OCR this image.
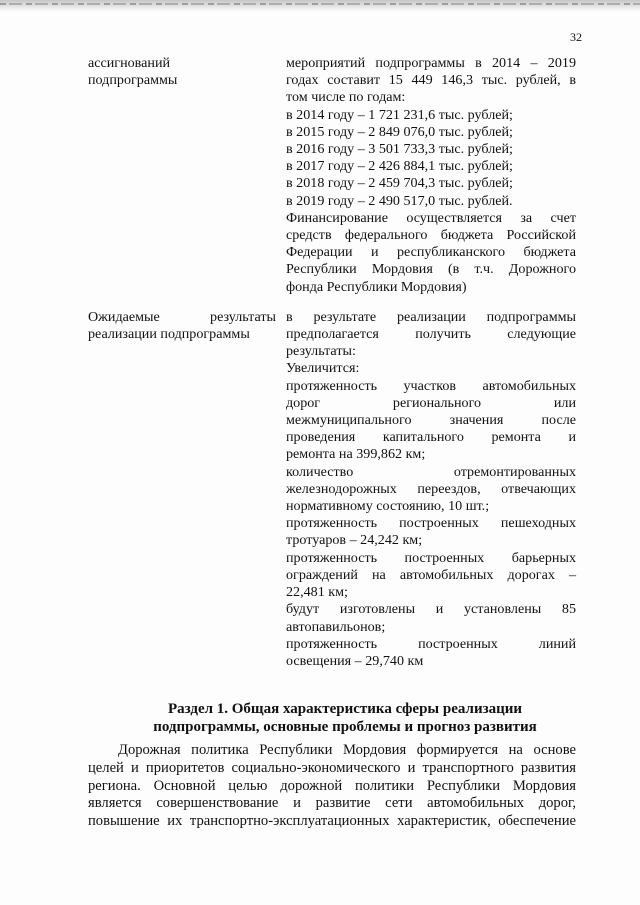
32
ассигнований
подпрограммы
мероприятий подпрограммы в 2014 – 2019
годах составит 15 449 146,3 тыс. рублей, в
том числе по годам:
в 2014 году – 1 721 231,6 тыс. рублей;
в 2015 году – 2 849 076,0 тыс. рублей;
в 2016 году – 3 501 733,3 тыс. рублей;
в 2017 году – 2 426 884,1 тыс. рублей;
в 2018 году – 2 459 704,3 тыс. рублей;
в 2019 году – 2 490 517,0 тыс. рублей.
Финансирование осуществляется за счет
средств федерального бюджета Российской
Федерации и республиканского бюджета
Республики Мордовия (в т.ч. Дорожного
фонда Республики Мордовия)
Ожидаемые результаты
реализации подпрограммы
в результате реализации подпрограммы
предполагается получить следующие
результаты:
Увеличится:
протяженность участков автомобильных
дорог регионального или
межмуниципального значения после
проведения капитального ремонта и
ремонта на 399,862 км;
количество отремонтированных
железнодорожных переездов, отвечающих
нормативному состоянию, 10 шт.;
протяженность построенных пешеходных
тротуаров – 24,242 км;
протяженность построенных барьерных
ограждений на автомобильных дорогах –
22,481 км;
будут изготовлены и установлены 85
автопавильонов;
протяженность построенных линий
освещения – 29,740 км
Раздел 1. Общая характеристика сферы реализации
подпрограммы, основные проблемы и прогноз развития
Дорожная политика Республики Мордовия формируется на основе
целей и приоритетов социально-экономического и транспортного развития
региона. Основной целью дорожной политики Республики Мордовия
является совершенствование и развитие сети автомобильных дорог,
повышение их транспортно-эксплуатационных характеристик, обеспечение
